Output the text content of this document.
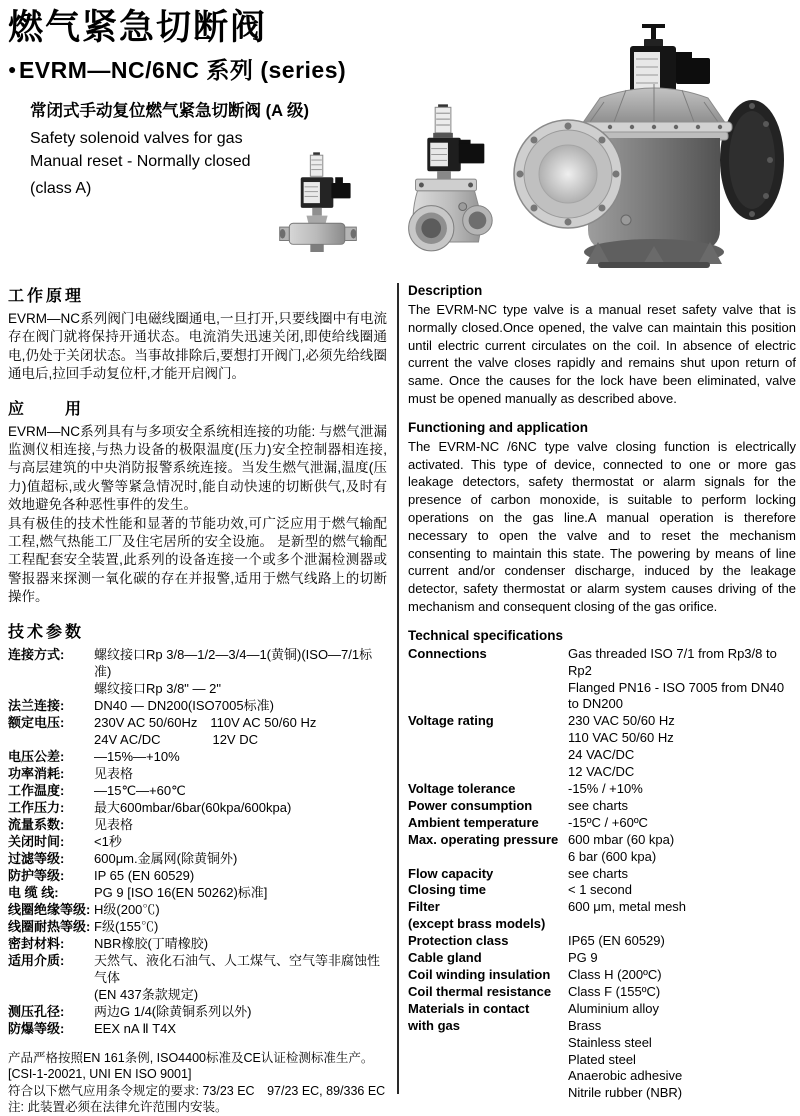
燃气紧急切断阀
●EVRM—NC/6NC 系列 (series)

常闭式手动复位燃气紧急切断阀 (A 级)

Safety solenoid valves for gas

Manual reset - Normally closed

(class A)

工作原理

EVRM—NC系列阀门电磁线圈通电,一旦打开,只要线圈中有电流存在阀门就将保持开通状态。电流消失迅速关闭,即使给线圈通电,仍处于关闭状态。当事故排除后,要想打开阀门,必须先给线圈通电后,拉回手动复位杆,才能开启阀门。

应　　用

EVRM—NC系列具有与多项安全系统相连接的功能: 与燃气泄漏监测仪相连接,与热力设备的极限温度(压力)安全控制器相连接,与高层建筑的中央消防报警系统连接。当发生燃气泄漏,温度(压力)值超标,或火警等紧急情况时,能自动快速的切断供气,及时有效地避免各种恶性事件的发生。

具有极佳的技术性能和显著的节能功效,可广泛应用于燃气输配工程,燃气热能工厂及住宅居所的安全设施。 是新型的燃气输配工程配套安全装置,此系列的设备连接一个或多个泄漏检测器或警报器来探测一氧化碳的存在并报警,适用于燃气线路上的切断操作。

技术参数
连接方式:	螺纹接口Rp 3/8—1/2—3/4—1(黄铜)(ISO—7/1标准)
螺纹接口Rp 3/8" — 2"
法兰连接:	DN40 — DN200(ISO7005标准)
额定电压:	230V AC 50/60Hz　110V AC 50/60 Hz
24V AC/DC　　　　12V DC
电压公差:	—15%—+10%
功率消耗:	见表格
工作温度:	—15℃—+60℃
工作压力:	最大600mbar/6bar(60kpa/600kpa)
流量系数:	见表格
关闭时间:	<1秒
过滤等级:	600μm.金属网(除黄铜外)
防护等级:	IP 65 (EN 60529)
电 缆 线:	PG 9 [ISO 16(EN 50262)标准]
线圈绝缘等级: H级(200℃)
线圈耐热等级: F级(155℃)
密封材料:	NBR橡胶(丁晴橡胶)
适用介质:	天然气、液化石油气、人工煤气、空气等非腐蚀性气体
(EN 437条款规定)
测压孔径:	两边G 1/4(除黄铜系列以外)
防爆等级:	EEX nA Ⅱ T4X

产品严格按照EN 161条例, ISO4400标准及CE认证检测标准生产。

[CSI-1-20021, UNI EN ISO 9001]

符合以下燃气应用条令规定的要求: 73/23 EC　97/23 EC, 89/336 EC

注: 此装置必须在法律允许范围内安装。

Description

The EVRM-NC type valve is a manual reset safety valve that is normally closed.Once opened, the valve can maintain this position until electric current circulates on the coil. In absence of electric current the valve closes rapidly and remains shut upon return of same. Once the causes for the lock have been eliminated, valve must be opened manually as described above.

Functioning and application

The EVRM-NC /6NC type valve closing function is electrically activated. This type of device, connected to one or more gas leakage detectors, safety thermostat or alarm signals for the presence of carbon monoxide, is suitable to perform locking operations on the gas line.A manual operation is therefore necessary to open the valve and to reset the mechanism consenting to maintain this state. The powering by means of line current and/or condenser discharge, induced by the leakage detector, safety thermostat or alarm system causes driving of the mechanism and consequent closing of the gas orifice.

Technical specifications
Connections	Gas threaded ISO 7/1 from Rp3/8 to Rp2
Flanged PN16 - ISO 7005 from DN40 to DN200
Voltage rating	230 VAC 50/60 Hz
110 VAC 50/60 Hz
24 VAC/DC
12 VAC/DC
Voltage tolerance	-15% / +10%
Power consumption	see charts
Ambient temperature	-15ºC / +60ºC
Max. operating pressure 600 mbar (60 kpa)
6 bar (600 kpa)
Flow capacity	see charts
Closing time	< 1 second
Filter	600 μm, metal mesh
(except brass models)
Protection class	IP65 (EN 60529)
Cable gland	PG 9
Coil winding insulation	Class H (200ºC)
Coil thermal resistance	Class F (155ºC)
Materials in contact	Aluminium alloy
with gas	Brass
Stainless steel
Plated steel
Anaerobic adhesive
Nitrile rubber (NBR)
